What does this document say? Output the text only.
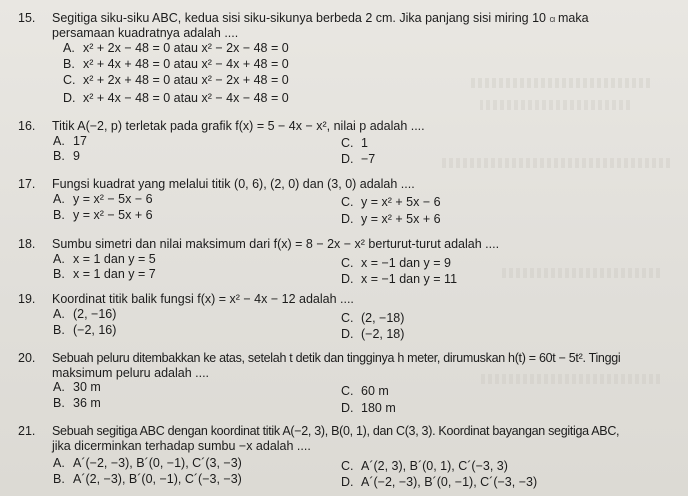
15. Segitiga siku-siku ABC, kedua sisi siku-sikunya berbeda 2 cm. Jika panjang sisi miring 10 cı maka
persamaan kuadratnya adalah ....
A. x² + 2x − 48 = 0 atau x² − 2x − 48 = 0
B. x² + 4x + 48 = 0 atau x² − 4x + 48 = 0
C. x² + 2x + 48 = 0 atau x² − 2x + 48 = 0
D. x² + 4x − 48 = 0 atau x² − 4x − 48 = 0
16. Titik A(−2, p) terletak pada grafik f(x) = 5 − 4x − x², nilai p adalah ....
A. 17
B. 9
C. 1
D. −7
17. Fungsi kuadrat yang melalui titik (0, 6), (2, 0) dan (3, 0) adalah ....
A. y = x² − 5x − 6
B. y = x² − 5x + 6
C. y = x² + 5x − 6
D. y = x² + 5x + 6
18. Sumbu simetri dan nilai maksimum dari f(x) = 8 − 2x − x² berturut-turut adalah ....
A. x = 1 dan y = 5
B. x = 1 dan y = 7
C. x = −1 dan y = 9
D. x = −1 dan y = 11
19. Koordinat titik balik fungsi f(x) = x² − 4x − 12 adalah ....
A. (2, −16)
B. (−2, 16)
C. (2, −18)
D. (−2, 18)
20. Sebuah peluru ditembakkan ke atas, setelah t detik dan tingginya h meter, dirumuskan h(t) = 60t − 5t². Tinggi
maksimum peluru adalah ....
A. 30 m
B. 36 m
C. 60 m
D. 180 m
21. Sebuah segitiga ABC dengan koordinat titik A(−2, 3), B(0, 1), dan C(3, 3). Koordinat bayangan segitiga ABC,
jika dicerminkan terhadap sumbu −x adalah ....
A. A´(−2, −3), B´(0, −1), C´(3, −3)
B. A´(2, −3), B´(0, −1), C´(−3, −3)
C. A´(2, 3), B´(0, 1), C´(−3, 3)
D. A´(−2, −3), B´(0, −1), C´(−3, −3)
